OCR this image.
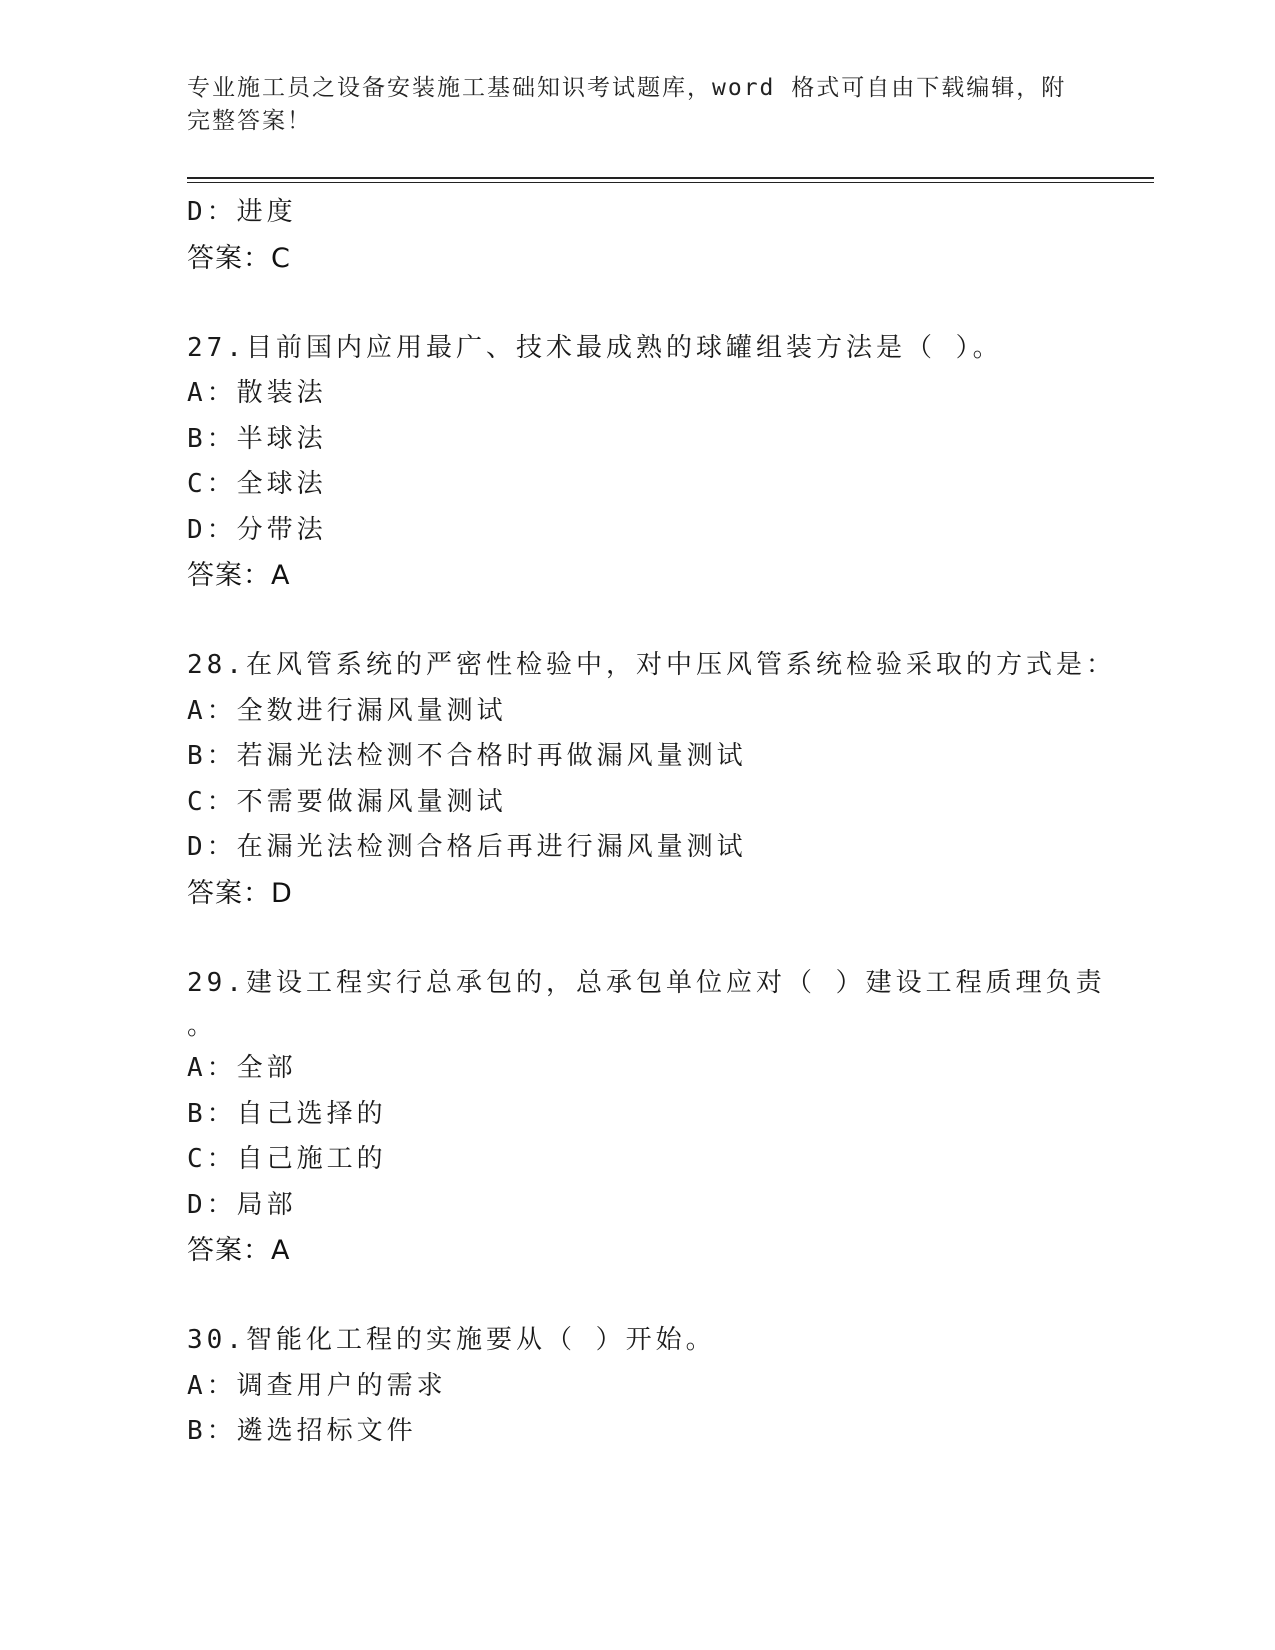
专业施工员之设备安装施工基础知识考试题库，word 格式可自由下载编辑，附完整答案！
D：进度
答案：C
27.目前国内应用最广、技术最成熟的球罐组装方法是（ ）。
A：散装法
B：半球法
C：全球法
D：分带法
答案：A
28.在风管系统的严密性检验中，对中压风管系统检验采取的方式是：
A：全数进行漏风量测试
B：若漏光法检测不合格时再做漏风量测试
C：不需要做漏风量测试
D：在漏光法检测合格后再进行漏风量测试
答案：D
29.建设工程实行总承包的，总承包单位应对（ ）建设工程质理负责
。
A：全部
B：自己选择的
C：自己施工的
D：局部
答案：A
30.智能化工程的实施要从（ ）开始。
A：调查用户的需求
B：遴选招标文件
